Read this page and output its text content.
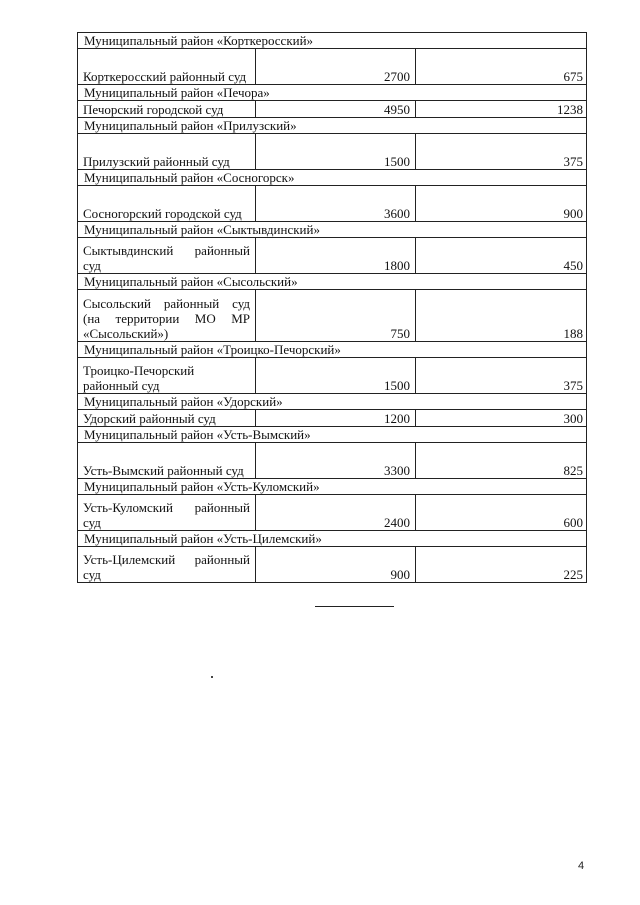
Муниципальный район «Корткеросский»		
Корткеросский районный суд	2700	675
Муниципальный район «Печора»		
Печорский городской суд	4950	1238
Муниципальный район «Прилузский»		
Прилузский районный суд	1500	375
Муниципальный район «Сосногорск»		
Сосногорский городской суд	3600	900
Муниципальный район «Сыктывдинский»		
Сыктывдинский районный суд	1800	450
Муниципальный район «Сысольский»		
Сысольский районный суд (на территории МО МР «Сысольский»)	750	188
Муниципальный район «Троицко-Печорский»		
Троицко-Печорский районный суд	1500	375
Муниципальный район «Удорский»		
Удорский районный суд	1200	300
Муниципальный район «Усть-Вымский»		
Усть-Вымский районный суд	3300	825
Муниципальный район «Усть-Куломский»		
Усть-Куломский районный суд	2400	600
Муниципальный район «Усть-Цилемский»		
Усть-Цилемский районный суд	900	225
4
